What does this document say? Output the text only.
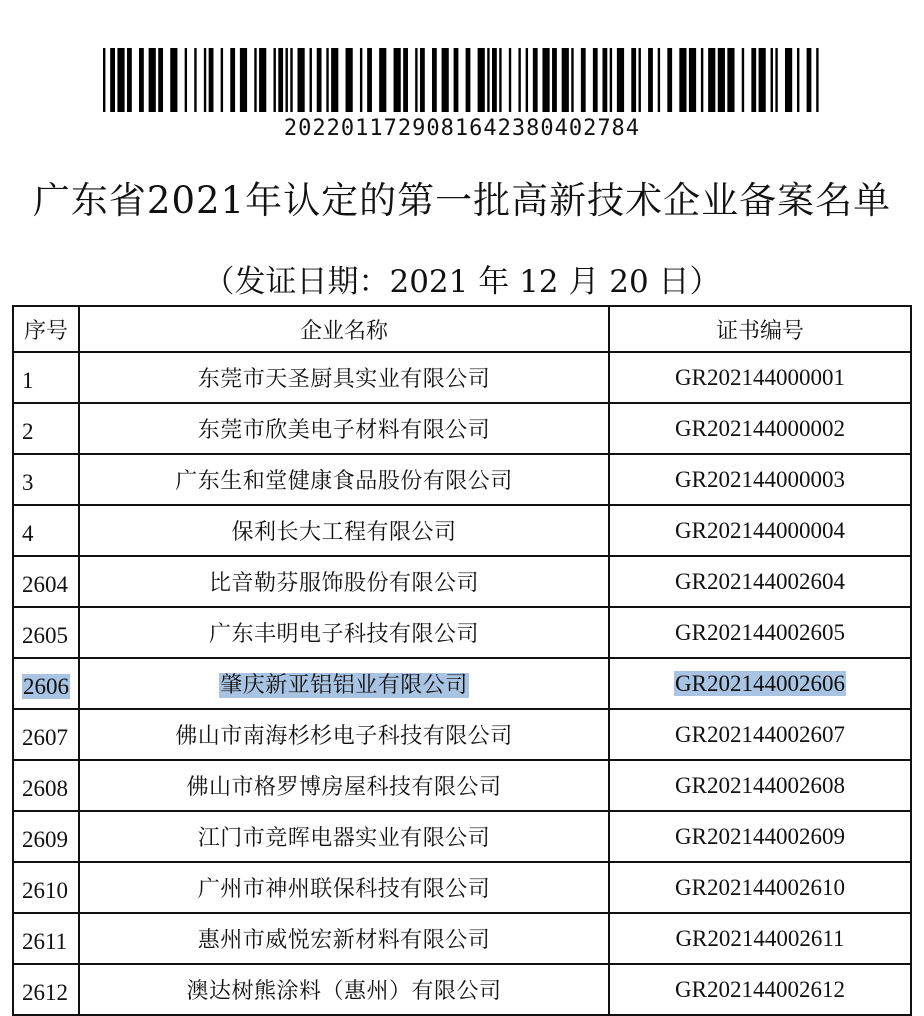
2022011729081642380402784
广东省2021年认定的第一批高新技术企业备案名单
（发证日期：2021 年 12 月 20 日）
序号	企业名称	证书编号
1	东莞市天圣厨具实业有限公司	GR202144000001
2	东莞市欣美电子材料有限公司	GR202144000002
3	广东生和堂健康食品股份有限公司	GR202144000003
4	保利长大工程有限公司	GR202144000004
2604	比音勒芬服饰股份有限公司	GR202144002604
2605	广东丰明电子科技有限公司	GR202144002605
2606	肇庆新亚铝铝业有限公司	GR202144002606
2607	佛山市南海杉杉电子科技有限公司	GR202144002607
2608	佛山市格罗博房屋科技有限公司	GR202144002608
2609	江门市竞晖电器实业有限公司	GR202144002609
2610	广州市神州联保科技有限公司	GR202144002610
2611	惠州市威悦宏新材料有限公司	GR202144002611
2612	澳达树熊涂料（惠州）有限公司	GR202144002612
